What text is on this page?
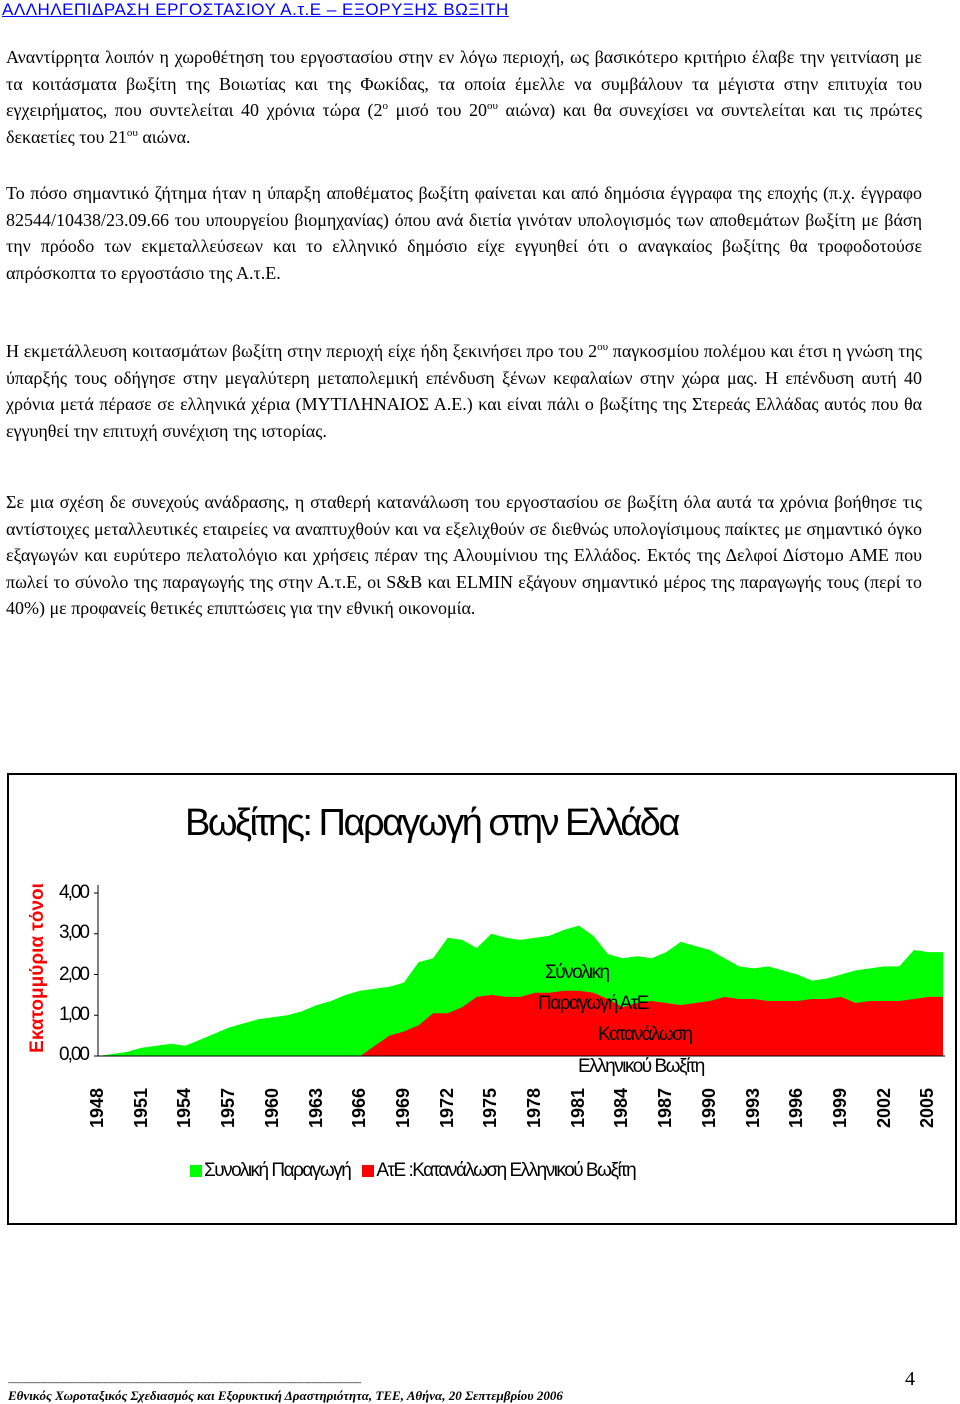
ΑΛΛΗΛΕΠΙΔΡΑΣΗ ΕΡΓΟΣΤΑΣΙΟΥ Α.τ.Ε – ΕΞΟΡΥΞΗΣ ΒΩΞΙΤΗ

Αναντίρρητα λοιπόν η χωροθέτηση του εργοστασίου στην εν λόγω περιοχή, ως βασικότερο κριτήριο έλαβε την γειτνίαση με τα κοιτάσματα βωξίτη της Βοιωτίας και της Φωκίδας, τα οποία έμελλε να συμβάλουν τα μέγιστα στην επιτυχία του εγχειρήματος, που συντελείται 40 χρόνια τώρα ($2^o$ μισό του $20^{o\upsilon}$ αιώνα) και θα συνεχίσει να συντελείται και τις πρώτες δεκαετίες του $21^{o\upsilon}$ αιώνα.

Το πόσο σημαντικό ζήτημα ήταν η ύπαρξη αποθέματος βωξίτη φαίνεται και από δημόσια έγγραφα της εποχής (π.χ. έγγραφο 82544/10438/23.09.66 του υπουργείου βιομηχανίας) όπου ανά διετία γινόταν υπολογισμός των αποθεμάτων βωξίτη με βάση την πρόοδο των εκμεταλλεύσεων και το ελληνικό δημόσιο είχε εγγυηθεί ότι ο αναγκαίος βωξίτης θα τροφοδοτούσε απρόσκοπτα το εργοστάσιο της Α.τ.Ε.

Η εκμετάλλευση κοιτασμάτων βωξίτη στην περιοχή είχε ήδη ξεκινήσει προ του $2^{o\upsilon}$ παγκοσμίου πολέμου και έτσι η γνώση της ύπαρξής τους οδήγησε στην μεγαλύτερη μεταπολεμική επένδυση ξένων κεφαλαίων στην χώρα μας. Η επένδυση αυτή 40 χρόνια μετά πέρασε σε ελληνικά χέρια (ΜΥΤΙΛΗΝΑΙΟΣ Α.Ε.) και είναι πάλι ο βωξίτης της Στερεάς Ελλάδας αυτός που θα εγγυηθεί την επιτυχή συνέχιση της ιστορίας.

Σε μια σχέση δε συνεχούς ανάδρασης, η σταθερή κατανάλωση του εργοστασίου σε βωξίτη όλα αυτά τα χρόνια βοήθησε τις αντίστοιχες μεταλλευτικές εταιρείες να αναπτυχθούν και να εξελιχθούν σε διεθνώς υπολογίσιμους παίκτες με σημαντικό όγκο εξαγωγών και ευρύτερο πελατολόγιο και χρήσεις πέραν της Αλουμίνιου της Ελλάδος. Εκτός της Δελφοί Δίστομο ΑΜΕ που πωλεί το σύνολο της παραγωγής της στην Α.τ.Ε, οι S&B και ELMIN εξάγουν σημαντικό μέρος της παραγωγής τους (περί το 40%) με προφανείς θετικές επιπτώσεις για την εθνική οικονομία.

Βωξίτης: Παραγωγή στην Ελλάδα
Εκατομμύρια τόνοι
0,00
1,00
2,00
3,00
4,00
1948 1951 1954 1957 1960 1963 1966 1969 1972 1975 1978 1981 1984 1987 1990 1993 1996 1999 2002 2005
Σύνολικη
Παραγωγή ΑτΕ
Κατανάλωση
Ελληνικού Βωξίτη
Συνολική Παραγωγή ΑτΕ :Κατανάλωση Ελληνικού Βωξίτη
-------------------------------------------------------------------------------------------------------------------------------------------------------------------
Εθνικός Χωροταξικός Σχεδιασμός και Εξορυκτική Δραστηριότητα, ΤΕΕ, Αθήνα, 20 Σεπτεμβρίου 2006
4
